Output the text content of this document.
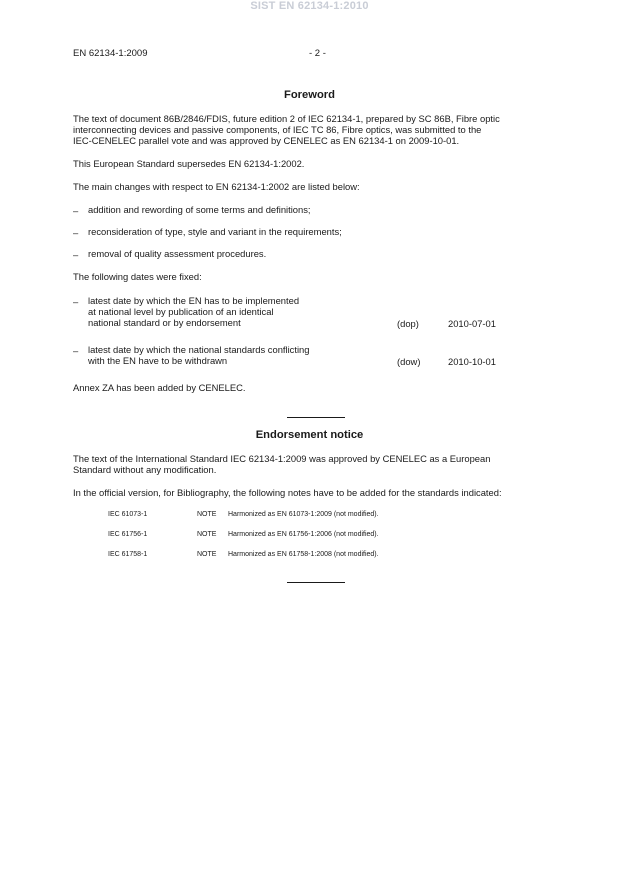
SIST EN 62134-1:2010
EN 62134-1:2009	- 2 -
Foreword
The text of document 86B/2846/FDIS, future edition 2 of IEC 62134-1, prepared by SC 86B, Fibre optic
interconnecting devices and passive components, of IEC TC 86, Fibre optics, was submitted to the
IEC-CENELEC parallel vote and was approved by CENELEC as EN 62134-1 on 2009-10-01.
This European Standard supersedes EN 62134-1:2002.
The main changes with respect to EN 62134-1:2002 are listed below:
– addition and rewording of some terms and definitions;
– reconsideration of type, style and variant in the requirements;
– removal of quality assessment procedures.
The following dates were fixed:
– latest date by which the EN has to be implemented
at national level by publication of an identical
national standard or by endorsement	(dop)	2010-07-01
– latest date by which the national standards conflicting
with the EN have to be withdrawn	(dow)	2010-10-01
Annex ZA has been added by CENELEC.
Endorsement notice
The text of the International Standard IEC 62134-1:2009 was approved by CENELEC as a European
Standard without any modification.
In the official version, for Bibliography, the following notes have to be added for the standards indicated:
IEC 61073-1	NOTE Harmonized as EN 61073-1:2009 (not modified).
IEC 61756-1	NOTE Harmonized as EN 61756-1:2006 (not modified).
IEC 61758-1	NOTE Harmonized as EN 61758-1:2008 (not modified).
